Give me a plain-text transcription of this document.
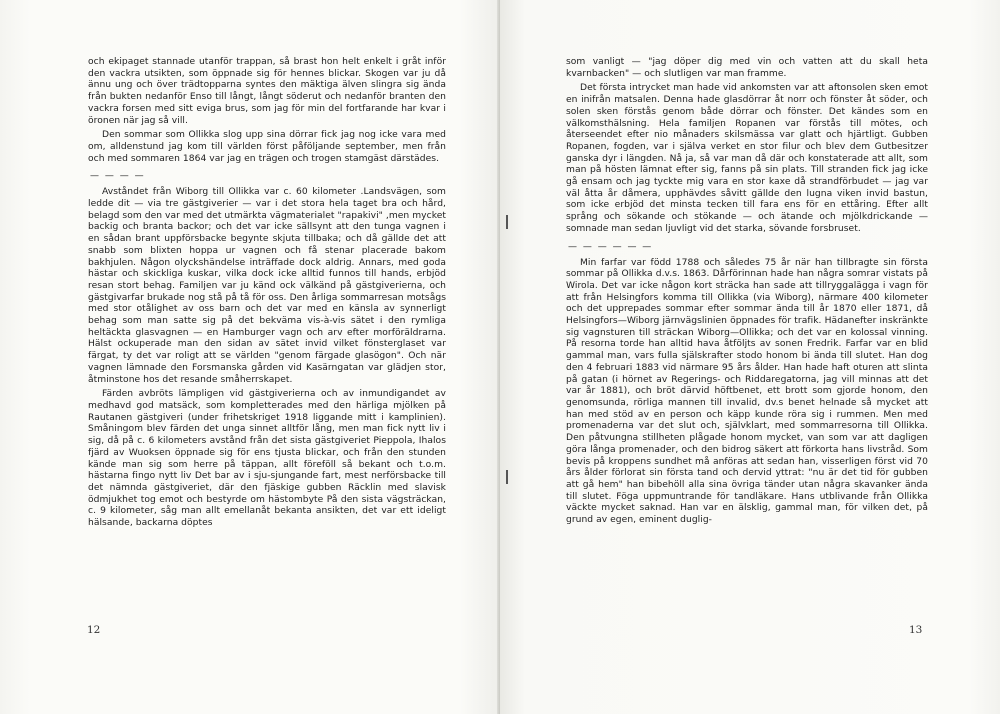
och ekipaget stannade utanför trappan, så brast hon helt enkelt i gråt inför den vackra utsikten, som öppnade sig för hennes blickar. Skogen var ju då ännu ung och över trädtopparna syntes den mäktiga älven slingra sig ända från bukten nedanför Enso till långt, långt söderut och nedanför branten den vackra forsen med sitt eviga brus, som jag för min del fortfarande har kvar i öronen när jag så vill.

Den sommar som Ollikka slog upp sina dörrar fick jag nog icke vara med om, alldenstund jag kom till världen först påföljande september, men från och med sommaren 1864 var jag en trägen och trogen stamgäst därstädes.

— — — —

Avståndet från Wiborg till Ollikka var c. 60 kilometer .Landsvägen, som ledde dit — via tre gästgiverier — var i det stora hela taget bra och hård, belagd som den var med det utmärkta vägmaterialet "rapakivi" ,men mycket backig och branta backor; och det var icke sällsynt att den tunga vagnen i en sådan brant uppförsbacke begynte skjuta tillbaka; och då gällde det att snabb som blixten hoppa ur vagnen och få stenar placerade bakom bakhjulen. Någon olyckshändelse inträffade dock aldrig. Annars, med goda hästar och skickliga kuskar, vilka dock icke alltid funnos till hands, erbjöd resan stort behag. Familjen var ju känd ock välkänd på gästgiverierna, och gästgivarfar brukade nog stå på tå för oss. Den årliga sommarresan motsågs med stor otålighet av oss barn och det var med en känsla av synnerligt behag som man satte sig på det bekväma vis-à-vis sätet i den rymliga heltäckta glasvagnen — en Hamburger vagn och arv efter morföräldrarna. Hälst ockuperade man den sidan av sätet invid vilket fönsterglaset var färgat, ty det var roligt att se världen "genom färgade glasögon". Och när vagnen lämnade den Forsmanska gården vid Kasärngatan var glädjen stor, åtminstone hos det resande småherrskapet.

Färden avbröts lämpligen vid gästgiverierna och av inmundigandet av medhavd god matsäck, som kompletterades med den härliga mjölken på Rautanen gästgiveri (under frihetskriget 1918 liggande mitt i kamplinien). Småningom blev färden det unga sinnet alltför lång, men man fick nytt liv i sig, då på c. 6 kilometers avstånd från det sista gästgiveriet Pieppola, Ihalos fjärd av Wuoksen öppnade sig för ens tjusta blickar, och från den stunden kände man sig som herre på täppan, allt föreföll så bekant och t.o.m. hästarna fingo nytt liv Det bar av i sju-sjungande fart, mest nerförsbacke till det nämnda gästgiveriet, där den fjäskige gubben Räcklin med slavisk ödmjukhet tog emot och bestyrde om hästombyte På den sista vägsträckan, c. 9 kilometer, såg man allt emellanåt bekanta ansikten, det var ett ideligt hälsande, backarna döptes

12

som vanligt — "jag döper dig med vin och vatten att du skall heta kvarnbacken" — och slutligen var man framme.

Det första intrycket man hade vid ankomsten var att aftonsolen sken emot en inifrån matsalen. Denna hade glasdörrar åt norr och fönster åt söder, och solen sken förstås genom både dörrar och fönster. Det kändes som en välkomsthälsning. Hela familjen Ropanen var förstås till mötes, och återseendet efter nio månaders skilsmässa var glatt och hjärtligt. Gubben Ropanen, fogden, var i själva verket en stor filur och blev dem Gutbesitzer ganska dyr i längden. Nå ja, så var man då där och konstaterade att allt, som man på hösten lämnat efter sig, fanns på sin plats. Till stranden fick jag icke gå ensam och jag tyckte mig vara en stor kaxe då strandförbudet — jag var väl åtta år dåmera, upphävdes såvitt gällde den lugna viken invid bastun, som icke erbjöd det minsta tecken till fara ens för en ettåring. Efter allt språng och sökande och stökande — och ätande och mjölkdrickande — somnade man sedan ljuvligt vid det starka, sövande forsbruset.

— — — — — —

Min farfar var född 1788 och således 75 år när han tillbragte sin första sommar på Ollikka d.v.s. 1863. Dårförinnan hade han några somrar vistats på Wirola. Det var icke någon kort sträcka han sade att tillryggalägga i vagn för att från Helsingfors komma till Ollikka (via Wiborg), närmare 400 kilometer och det upprepades sommar efter sommar ända till år 1870 eller 1871, då Helsingfors—Wiborg järnvägslinien öppnades för trafik. Hädanefter inskränkte sig vagnsturen till sträckan Wiborg—Ollikka; och det var en kolossal vinning. På resorna torde han alltid hava åtföljts av sonen Fredrik. Farfar var en blid gammal man, vars fulla själskrafter stodo honom bi ända till slutet. Han dog den 4 februari 1883 vid närmare 95 års ålder. Han hade haft oturen att slinta på gatan (i hörnet av Regerings- och Riddaregatorna, jag vill minnas att det var år 1881), och bröt därvid höftbenet, ett brott som gjorde honom, den genomsunda, rörliga mannen till invalid, dv.s benet helnade så mycket att han med stöd av en person och käpp kunde röra sig i rummen. Men med promenaderna var det slut och, självklart, med sommarresorna till Ollikka. Den påtvungna stillheten plågade honom mycket, van som var att dagligen göra långa promenader, och den bidrog säkert att förkorta hans livstråd. Som bevis på kroppens sundhet må anföras att sedan han, visserligen först vid 70 års ålder förlorat sin första tand och dervid yttrat: "nu är det tid för gubben att gå hem" han bibehöll alla sina övriga tänder utan några skavanker ända till slutet. Föga uppmuntrande för tandläkare. Hans utblivande från Ollikka väckte mycket saknad. Han var en älsklig, gammal man, för vilken det, på grund av egen, eminent duglig-

13
